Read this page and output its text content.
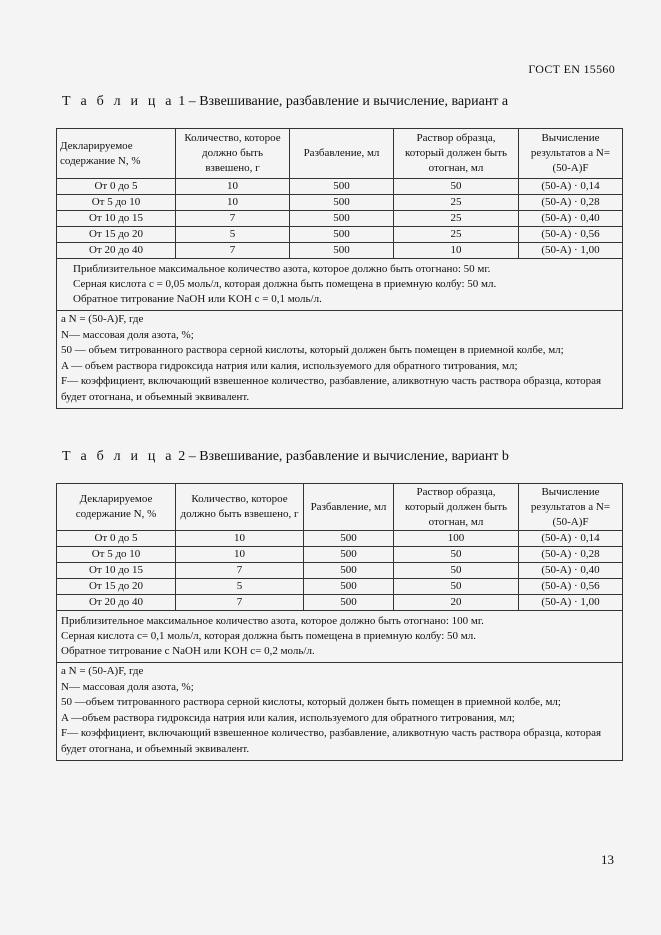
ГОСТ EN 15560
Т а б л и ц а 1 – Взвешивание, разбавление и вычисление, вариант а
Декларируемое содержание N, %	Количество, которое должно быть взвешено, г	Разбавление, мл	Раствор образца, который должен быть отогнан, мл	Вычисление результатов а N=(50-A)F
От 0 до 5	10	500	50	(50-A) · 0,14
От 5 до 10	10	500	25	(50-A) · 0,28
От 10 до 15	7	500	25	(50-A) · 0,40
От 15 до 20	5	500	25	(50-A) · 0,56
От 20 до 40	7	500	10	(50-A) · 1,00

Приблизительное максимальное количество азота, которое должно быть отогнано: 50 мг.
Серная кислота c = 0,05 моль/л, которая должна быть помещена в приемную колбу: 50 мл.
Обратное титрование NaOH или KOH c = 0,1 моль/л.				

а N = (50-A)F, где
N— массовая доля азота, %;
50 — объем титрованного раствора серной кислоты, который должен быть помещен в приемной колбе, мл;
A — объем раствора гидроксида натрия или калия, используемого для обратного титрования, мл;
F— коэффициент, включающий взвешенное количество, разбавление, аликвотную часть раствора образца, которая будет отогнана, и объемный эквивалент.				
Т а б л и ц а 2 – Взвешивание, разбавление и вычисление, вариант b
Декларируемое содержание N, %	Количество, которое должно быть взвешено, г	Разбавление, мл	Раствор образца, который должен быть отогнан, мл	Вычисление результатов а N=(50-A)F
От 0 до 5	10	500	100	(50-A) · 0,14
От 5 до 10	10	500	50	(50-A) · 0,28
От 10 до 15	7	500	50	(50-A) · 0,40
От 15 до 20	5	500	50	(50-A) · 0,56
От 20 до 40	7	500	20	(50-A) · 1,00

Приблизительное максимальное количество азота, которое должно быть отогнано: 100 мг.
Серная кислота c= 0,1 моль/л, которая должна быть помещена в приемную колбу: 50 мл.
Обратное титрование с NaOH или KOH c= 0,2 моль/л.				

а N = (50-A)F, где
N— массовая доля азота, %;
50 —объем титрованного раствора серной кислоты, который должен быть помещен в приемной колбе, мл;
A —объем раствора гидроксида натрия или калия, используемого для обратного титрования, мл;
F— коэффициент, включающий взвешенное количество, разбавление, аликвотную часть раствора образца, которая будет отогнана, и объемный эквивалент.				
13
